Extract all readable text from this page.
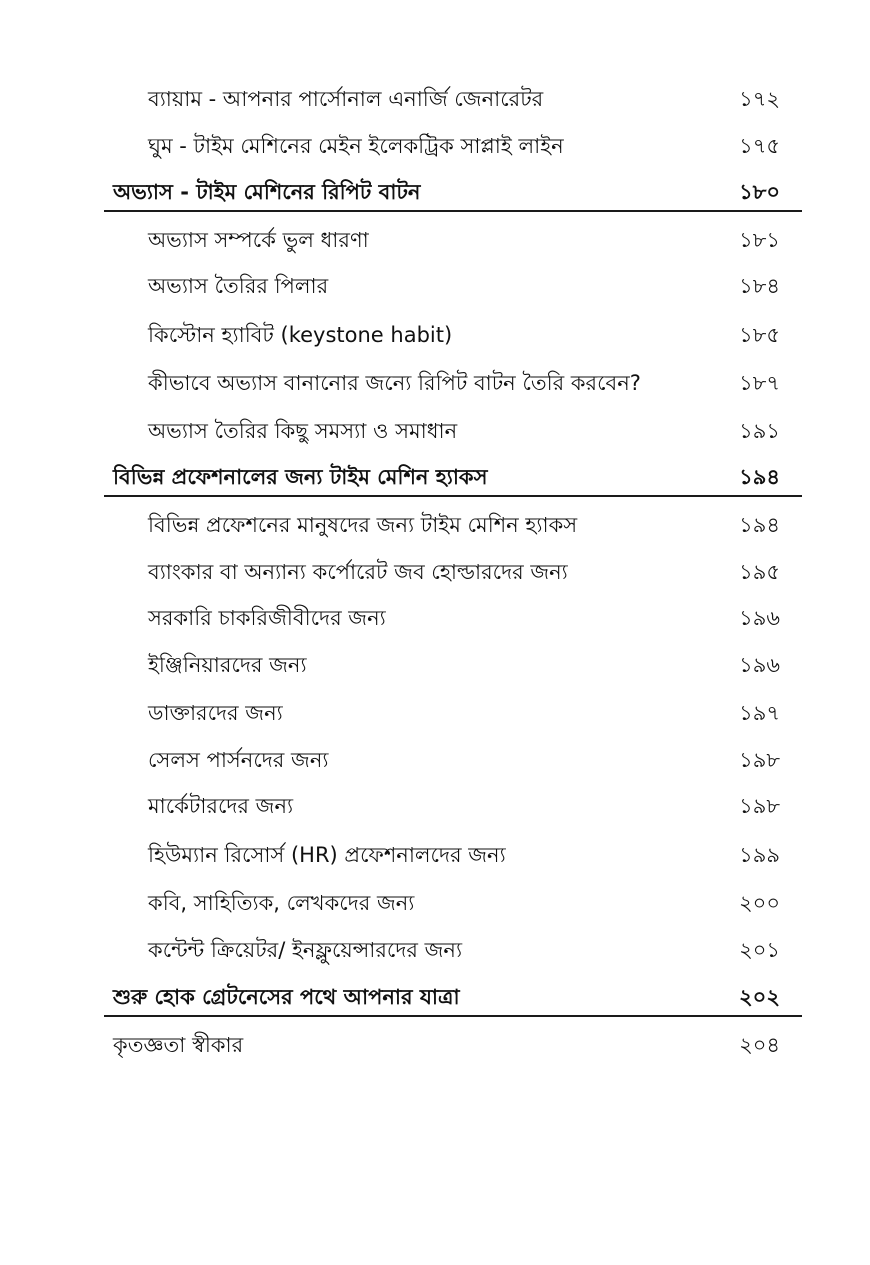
ব্যায়াম - আপনার পার্সোনাল এনার্জি জেনারেটর	১৭২
ঘুম - টাইম মেশিনের মেইন ইলেকট্রিক সাপ্লাই লাইন	১৭৫
অভ্যাস - টাইম মেশিনের রিপিট বাটন	১৮০
অভ্যাস সম্পর্কে ভুল ধারণা	১৮১
অভ্যাস তৈরির পিলার	১৮৪
কিস্টোন হ্যাবিট (keystone habit)	১৮৫
কীভাবে অভ্যাস বানানোর জন্যে রিপিট বাটন তৈরি করবেন?	১৮৭
অভ্যাস তৈরির কিছু সমস্যা ও সমাধান	১৯১
বিভিন্ন প্রফেশনালের জন্য টাইম মেশিন হ্যাকস	১৯৪
বিভিন্ন প্রফেশনের মানুষদের জন্য টাইম মেশিন হ্যাকস	১৯৪
ব্যাংকার বা অন্যান্য কর্পোরেট জব হোল্ডারদের জন্য	১৯৫
সরকারি চাকরিজীবীদের জন্য	১৯৬
ইঞ্জিনিয়ারদের জন্য	১৯৬
ডাক্তারদের জন্য	১৯৭
সেলস পার্সনদের জন্য	১৯৮
মার্কেটারদের জন্য	১৯৮
হিউম্যান রিসোর্স (HR) প্রফেশনালদের জন্য	১৯৯
কবি, সাহিত্যিক, লেখকদের জন্য	২০০
কন্টেন্ট ক্রিয়েটর/ ইনফ্লুয়েন্সারদের জন্য	২০১
শুরু হোক গ্রেটনেসের পথে আপনার যাত্রা	২০২
কৃতজ্ঞতা স্বীকার	২০৪
